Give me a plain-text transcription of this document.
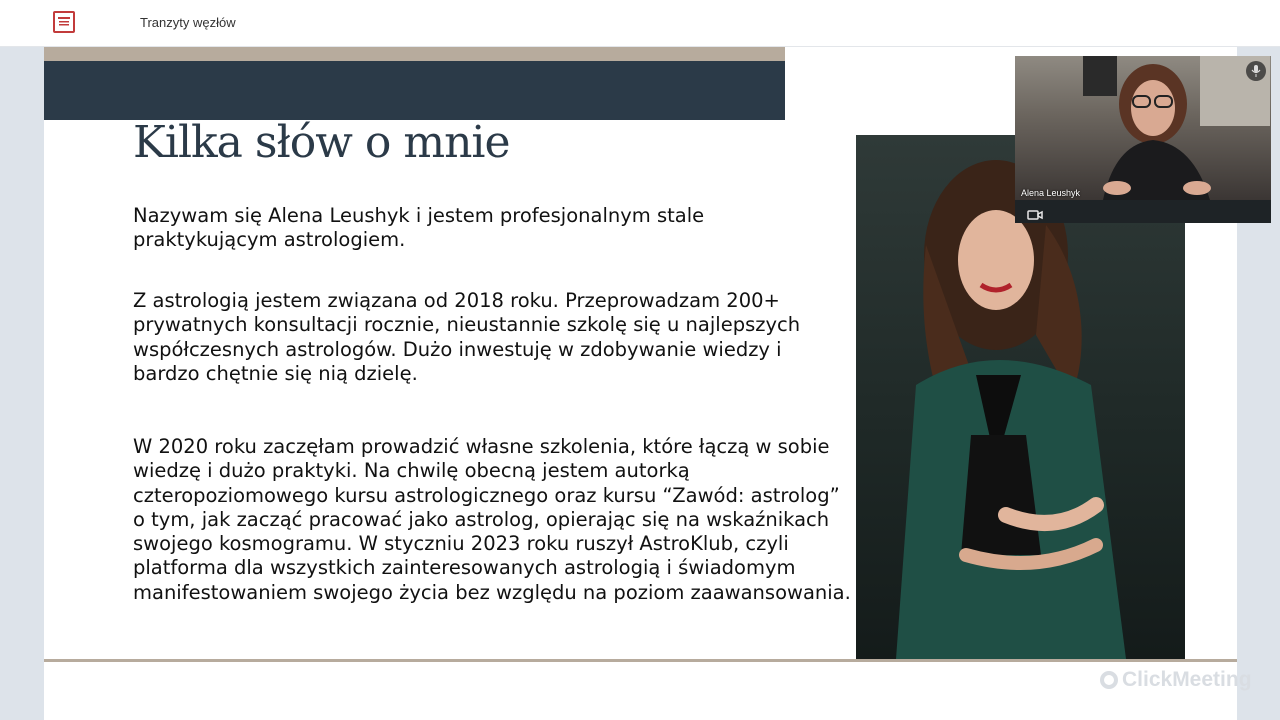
Tranzyty węzłów
Kilka słów o mnie

Nazywam się Alena Leushyk i jestem profesjonalnym stale praktykującym astrologiem.

Z astrologią jestem związana od 2018 roku. Przeprowadzam 200+ prywatnych konsultacji rocznie, nieustannie szkolę się u najlepszych współczesnych astrologów. Dużo inwestuję w zdobywanie wiedzy i bardzo chętnie się nią dzielę.

W 2020 roku zaczęłam prowadzić własne szkolenia, które łączą w sobie wiedzę i dużo praktyki. Na chwilę obecną jestem autorką czteropoziomowego kursu astrologicznego oraz kursu “Zawód: astrolog” o tym, jak zacząć pracować jako astrolog, opierając się na wskaźnikach swojego kosmogramu. W styczniu 2023 roku ruszył AstroKlub, czyli platforma dla wszystkich zainteresowanych astrologią i świadomym manifestowaniem swojego życia bez względu na poziom zaawansowania.

ClickMeeting
Alena Leushyk
